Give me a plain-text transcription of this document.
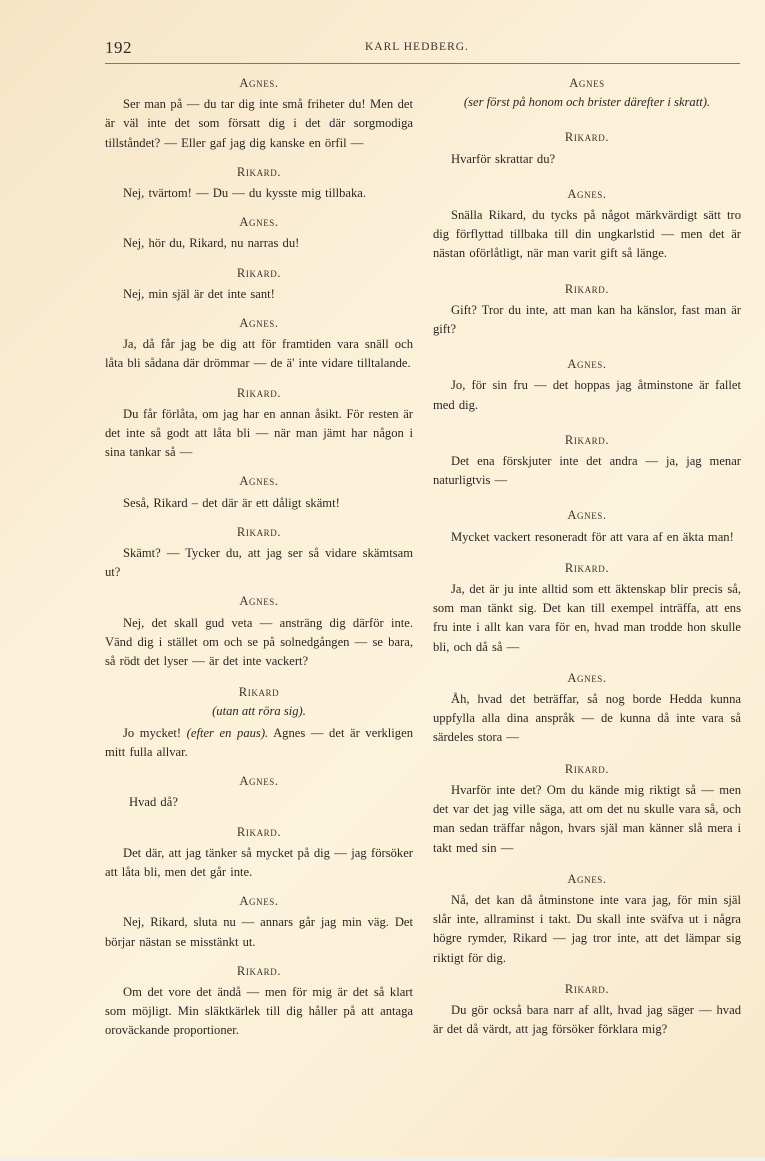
192	KARL HEDBERG.

Agnes.

Ser man på — du tar dig inte små friheter du! Men det är väl inte det som försatt dig i det där sorgmodiga tillståndet? — Eller gaf jag dig kanske en örfil —

Rikard.

Nej, tvärtom! — Du — du kysste mig tillbaka.

Agnes.

Nej, hör du, Rikard, nu narras du!

Rikard.

Nej, min själ är det inte sant!

Agnes.

Ja, då får jag be dig att för framtiden vara snäll och låta bli sådana där drömmar — de ä' inte vidare tilltalande.

Rikard.

Du får förlåta, om jag har en annan åsikt. För resten är det inte så godt att låta bli — när man jämt har någon i sina tankar så —

Agnes.

Seså, Rikard – det där är ett dåligt skämt!

Rikard.

Skämt? — Tycker du, att jag ser så vidare skämtsam ut?

Agnes.

Nej, det skall gud veta — ansträng dig därför inte. Vänd dig i stället om och se på solnedgången — se bara, så rödt det lyser — är det inte vackert?

Rikard

(utan att röra sig).

Jo mycket! (efter en paus). Agnes — det är verkligen mitt fulla allvar.

Agnes.

Hvad då?

Rikard.

Det där, att jag tänker så mycket på dig — jag försöker att låta bli, men det går inte.

Agnes.

Nej, Rikard, sluta nu — annars går jag min väg. Det börjar nästan se misstänkt ut.

Rikard.

Om det vore det ändå — men för mig är det så klart som möjligt. Min släktkärlek till dig håller på att antaga oroväckande proportioner.

Agnes

(ser först på honom och brister därefter i skratt).

Rikard.

Hvarför skrattar du?

Agnes.

Snälla Rikard, du tycks på något märkvärdigt sätt tro dig förflyttad tillbaka till din ungkarlstid — men det är nästan oförlåtligt, när man varit gift så länge.

Rikard.

Gift? Tror du inte, att man kan ha känslor, fast man är gift?

Agnes.

Jo, för sin fru — det hoppas jag åtminstone är fallet med dig.

Rikard.

Det ena förskjuter inte det andra — ja, jag menar naturligtvis —

Agnes.

Mycket vackert resoneradt för att vara af en äkta man!

Rikard.

Ja, det är ju inte alltid som ett äktenskap blir precis så, som man tänkt sig. Det kan till exempel inträffa, att ens fru inte i allt kan vara för en, hvad man trodde hon skulle bli, och då så —

Agnes.

Åh, hvad det beträffar, så nog borde Hedda kunna uppfylla alla dina anspråk — de kunna då inte vara så särdeles stora —

Rikard.

Hvarför inte det? Om du kände mig riktigt så — men det var det jag ville säga, att om det nu skulle vara så, och man sedan träffar någon, hvars själ man känner slå mera i takt med sin —

Agnes.

Nå, det kan då åtminstone inte vara jag, för min själ slår inte, allraminst i takt. Du skall inte sväfva ut i några högre rymder, Rikard — jag tror inte, att det lämpar sig riktigt för dig.

Rikard.

Du gör också bara narr af allt, hvad jag säger — hvad är det då värdt, att jag försöker förklara mig?
